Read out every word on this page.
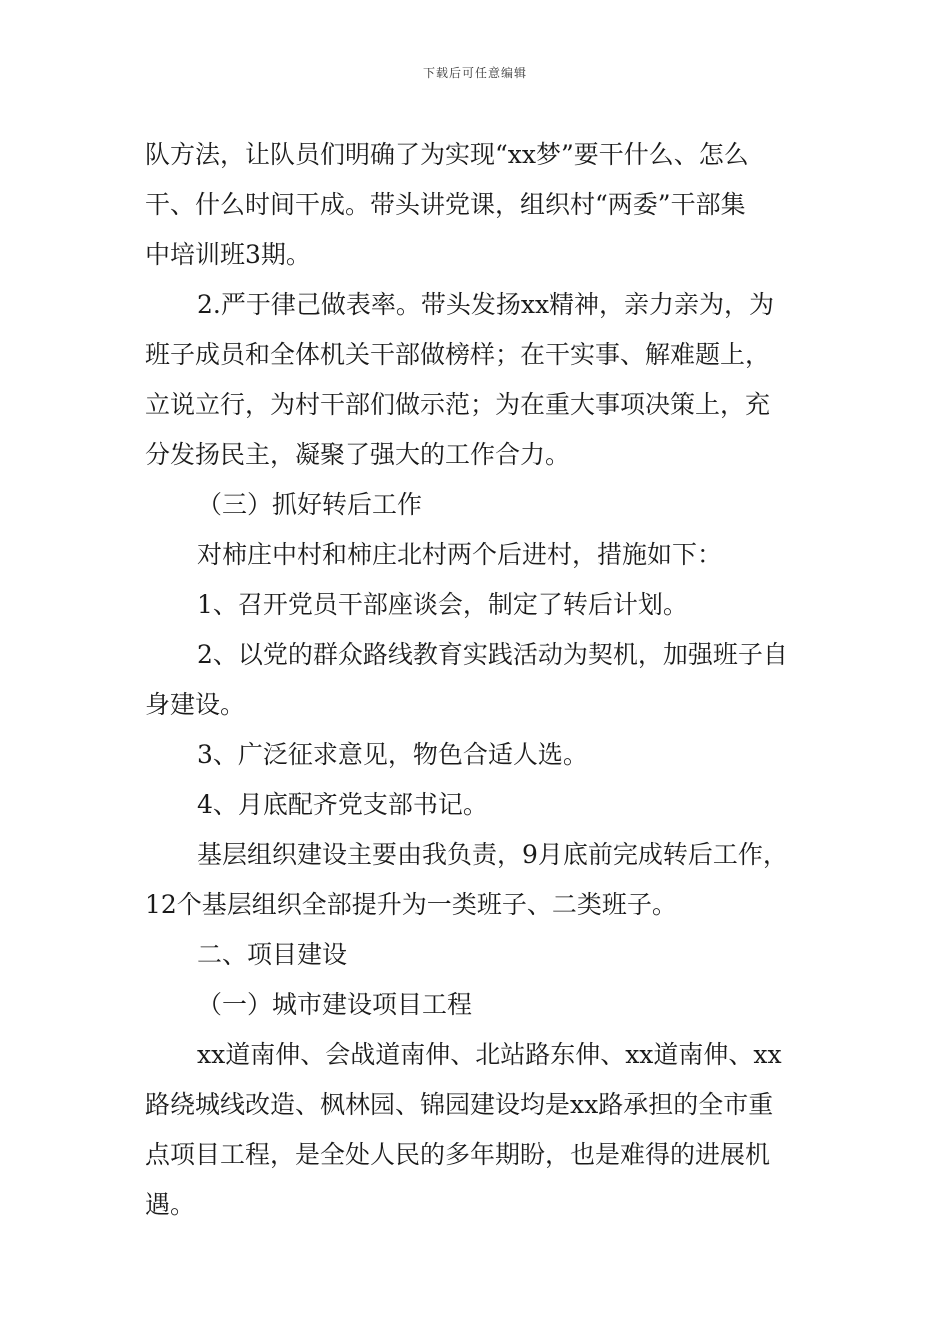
下载后可任意编辑
队方法，让队员们明确了为实现“xx梦”要干什么、怎么
干、什么时间干成。带头讲党课，组织村“两委”干部集
中培训班3期。
2.严于律己做表率。带头发扬xx精神，亲力亲为，为
班子成员和全体机关干部做榜样；在干实事、解难题上，
立说立行，为村干部们做示范；为在重大事项决策上，充
分发扬民主，凝聚了强大的工作合力。
（三）抓好转后工作
对柿庄中村和柿庄北村两个后进村，措施如下：
1、召开党员干部座谈会，制定了转后计划。
2、以党的群众路线教育实践活动为契机，加强班子自
身建设。
3、广泛征求意见，物色合适人选。
4、月底配齐党支部书记。
基层组织建设主要由我负责，9月底前完成转后工作，
12个基层组织全部提升为一类班子、二类班子。
二、项目建设
（一）城市建设项目工程
xx道南伸、会战道南伸、北站路东伸、xx道南伸、xx
路绕城线改造、枫林园、锦园建设均是xx路承担的全市重
点项目工程，是全处人民的多年期盼，也是难得的进展机
遇。
